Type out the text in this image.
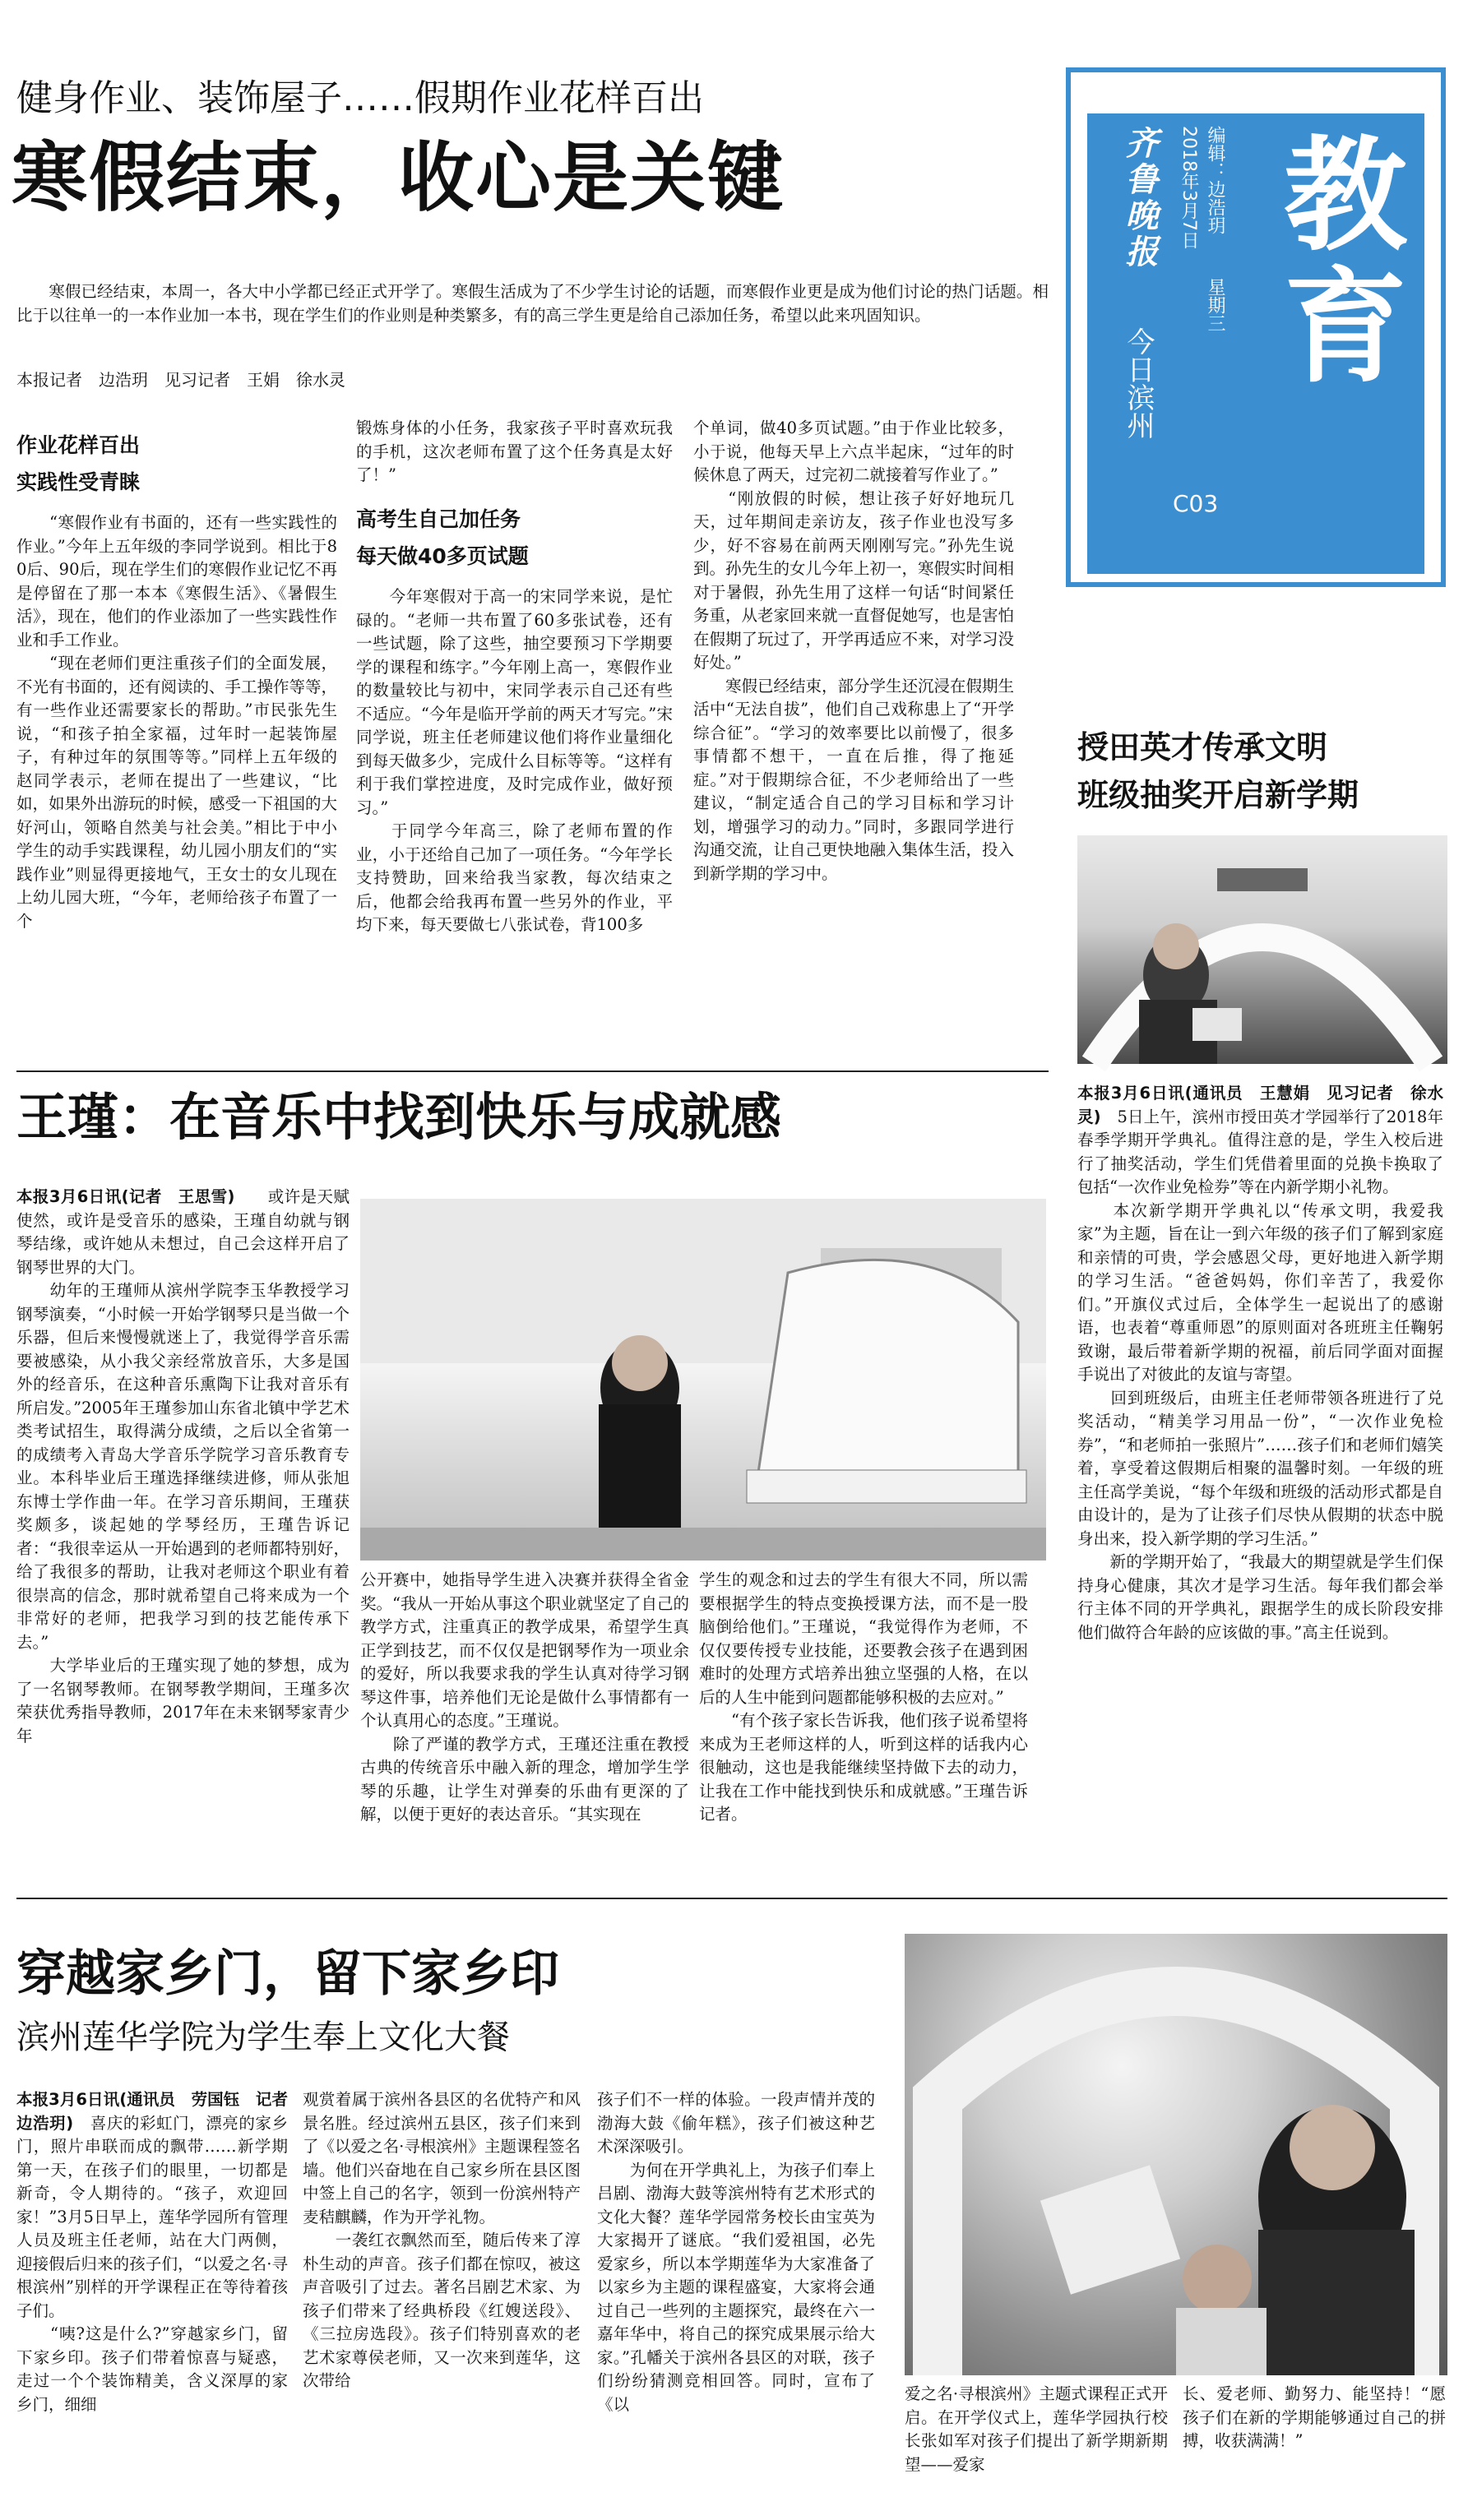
健身作业、装饰屋子……假期作业花样百出
寒假结束，收心是关键
　　寒假已经结束，本周一，各大中小学都已经正式开学了。寒假生活成为了不少学生讨论的话题，而寒假作业更是成为他们讨论的热门话题。相比于以往单一的一本作业加一本书，现在学生们的作业则是种类繁多，有的高三学生更是给自己添加任务，希望以此来巩固知识。
本报记者　边浩玥　见习记者　王娟　徐水灵
作业花样百出
实践性受青睐
　　“寒假作业有书面的，还有一些实践性的作业。”今年上五年级的李同学说到。相比于80后、90后，现在学生们的寒假作业记忆不再是停留在了那一本本《寒假生活》、《暑假生活》，现在，他们的作业添加了一些实践性作业和手工作业。
　　“现在老师们更注重孩子们的全面发展，不光有书面的，还有阅读的、手工操作等等，有一些作业还需要家长的帮助。”市民张先生说，“和孩子拍全家福，过年时一起装饰屋子，有种过年的氛围等等。”同样上五年级的赵同学表示，老师在提出了一些建议，“比如，如果外出游玩的时候，感受一下祖国的大好河山，领略自然美与社会美。”相比于中小学生的动手实践课程，幼儿园小朋友们的“实践作业”则显得更接地气，王女士的女儿现在上幼儿园大班，“今年，老师给孩子布置了一个
锻炼身体的小任务，我家孩子平时喜欢玩我的手机，这次老师布置了这个任务真是太好了！”
高考生自己加任务
每天做40多页试题
　　今年寒假对于高一的宋同学来说，是忙碌的。“老师一共布置了60多张试卷，还有一些试题，除了这些，抽空要预习下学期要学的课程和练字。”今年刚上高一，寒假作业的数量较比与初中，宋同学表示自己还有些不适应。“今年是临开学前的两天才写完。”宋同学说，班主任老师建议他们将作业量细化到每天做多少，完成什么目标等等。“这样有利于我们掌控进度，及时完成作业，做好预习。”
　　于同学今年高三，除了老师布置的作业，小于还给自己加了一项任务。“今年学长支持赞助，回来给我当家教，每次结束之后，他都会给我再布置一些另外的作业，平均下来，每天要做七八张试卷，背100多
个单词，做40多页试题。”由于作业比较多，小于说，他每天早上六点半起床，“过年的时候休息了两天，过完初二就接着写作业了。”
　　“刚放假的时候，想让孩子好好地玩几天，过年期间走亲访友，孩子作业也没写多少，好不容易在前两天刚刚写完。”孙先生说到。孙先生的女儿今年上初一，寒假实时间相对于暑假，孙先生用了这样一句话“时间紧任务重，从老家回来就一直督促她写，也是害怕在假期了玩过了，开学再适应不来，对学习没好处。”
　　寒假已经结束，部分学生还沉浸在假期生活中“无法自拔”，他们自己戏称患上了“开学综合征”。“学习的效率要比以前慢了，很多事情都不想干，一直在后推，得了拖延症。”对于假期综合征，不少老师给出了一些建议，“制定适合自己的学习目标和学习计划，增强学习的动力。”同时，多跟同学进行沟通交流，让自己更快地融入集体生活，投入到新学期的学习中。
教育
编辑：边浩玥
2018年3月7日
星期三
齐鲁晚报
今日滨州
C03
授田英才传承文明
班级抽奖开启新学期
本报3月6日讯(通讯员　王慧娟　见习记者　徐水灵)　 5日上午，滨州市授田英才学园举行了2018年春季学期开学典礼。值得注意的是，学生入校后进行了抽奖活动，学生们凭借着里面的兑换卡换取了包括“一次作业免检券”等在内新学期小礼物。
　　本次新学期开学典礼以“传承文明，我爱我家”为主题，旨在让一到六年级的孩子们了解到家庭和亲情的可贵，学会感恩父母，更好地进入新学期的学习生活。“爸爸妈妈，你们辛苦了，我爱你们。”开旗仪式过后，全体学生一起说出了的感谢语，也表着“尊重师恩”的原则面对各班班主任鞠躬致谢，最后带着新学期的祝福，前后同学面对面握手说出了对彼此的友谊与寄望。
　　回到班级后，由班主任老师带领各班进行了兑奖活动，“精美学习用品一份”，“一次作业免检券”，“和老师拍一张照片”……孩子们和老师们嬉笑着，享受着这假期后相聚的温馨时刻。一年级的班主任高学美说，“每个年级和班级的活动形式都是自由设计的，是为了让孩子们尽快从假期的状态中脱身出来，投入新学期的学习生活。”
　　新的学期开始了，“我最大的期望就是学生们保持身心健康，其次才是学习生活。每年我们都会举行主体不同的开学典礼，跟据学生的成长阶段安排他们做符合年龄的应该做的事。”高主任说到。
王瑾：在音乐中找到快乐与成就感
本报3月6日讯(记者　王思雪)　　或许是天赋使然，或许是受音乐的感染，王瑾自幼就与钢琴结缘，或许她从未想过，自己会这样开启了钢琴世界的大门。
　　幼年的王瑾师从滨州学院李玉华教授学习钢琴演奏，“小时候一开始学钢琴只是当做一个乐器，但后来慢慢就迷上了，我觉得学音乐需要被感染，从小我父亲经常放音乐，大多是国外的经音乐，在这种音乐熏陶下让我对音乐有所启发。”2005年王瑾参加山东省北镇中学艺术类考试招生，取得满分成绩，之后以全省第一的成绩考入青岛大学音乐学院学习音乐教育专业。本科毕业后王瑾选择继续进修，师从张旭东博士学作曲一年。在学习音乐期间，王瑾获奖颇多，谈起她的学琴经历，王瑾告诉记者：“我很幸运从一开始遇到的老师都特别好，给了我很多的帮助，让我对老师这个职业有着很崇高的信念，那时就希望自己将来成为一个非常好的老师，把我学习到的技艺能传承下去。”
　　大学毕业后的王瑾实现了她的梦想，成为了一名钢琴教师。在钢琴教学期间，王瑾多次荣获优秀指导教师，2017年在未来钢琴家青少年
公开赛中，她指导学生进入决赛并获得全省金奖。“我从一开始从事这个职业就坚定了自己的教学方式，注重真正的教学成果，希望学生真正学到技艺，而不仅仅是把钢琴作为一项业余的爱好，所以我要求我的学生认真对待学习钢琴这件事，培养他们无论是做什么事情都有一个认真用心的态度。”王瑾说。
　　除了严谨的教学方式，王瑾还注重在教授古典的传统音乐中融入新的理念，增加学生学琴的乐趣，让学生对弹奏的乐曲有更深的了解，以便于更好的表达音乐。“其实现在
学生的观念和过去的学生有很大不同，所以需要根据学生的特点变换授课方法，而不是一股脑倒给他们。”王瑾说，“我觉得作为老师，不仅仅要传授专业技能，还要教会孩子在遇到困难时的处理方式培养出独立坚强的人格，在以后的人生中能到问题都能够积极的去应对。”
　　“有个孩子家长告诉我，他们孩子说希望将来成为王老师这样的人，听到这样的话我内心很触动，这也是我能继续坚持做下去的动力，让我在工作中能找到快乐和成就感。”王瑾告诉记者。
穿越家乡门，留下家乡印
滨州莲华学院为学生奉上文化大餐
本报3月6日讯(通讯员　劳国钰　记者　边浩玥)　 喜庆的彩虹门，漂亮的家乡门，照片串联而成的飘带……新学期第一天，在孩子们的眼里，一切都是新奇，令人期待的。“孩子，欢迎回家！”3月5日早上，莲华学园所有管理人员及班主任老师，站在大门两侧，迎接假后归来的孩子们，“以爱之名·寻根滨州”别样的开学课程正在等待着孩子们。
　　“咦?这是什么?”穿越家乡门，留下家乡印。孩子们带着惊喜与疑惑，走过一个个装饰精美，含义深厚的家乡门，细细
观赏着属于滨州各县区的名优特产和风景名胜。经过滨州五县区，孩子们来到了《以爱之名·寻根滨州》主题课程签名墙。他们兴奋地在自己家乡所在县区图中签上自己的名字，领到一份滨州特产麦秸麒麟，作为开学礼物。
　　一袭红衣飘然而至，随后传来了淳朴生动的声音。孩子们都在惊叹，被这声音吸引了过去。著名吕剧艺术家、为孩子们带来了经典桥段《红嫂送段》、《三拉房选段》。孩子们特别喜欢的老艺术家尊侯老师，又一次来到莲华，这次带给
孩子们不一样的体验。一段声情并茂的渤海大鼓《偷年糕》，孩子们被这种艺术深深吸引。
　　为何在开学典礼上，为孩子们奉上吕剧、渤海大鼓等滨州特有艺术形式的文化大餐？莲华学园常务校长由宝英为大家揭开了谜底。“我们爱祖国，必先爱家乡，所以本学期莲华为大家准备了以家乡为主题的课程盛宴，大家将会通过自己一些列的主题探究，最终在六一嘉年华中，将自己的探究成果展示给大家。”孔幡关于滨州各县区的对联，孩子们纷纷猜测竞相回答。同时，宣布了《以
爱之名·寻根滨州》主题式课程正式开启。在开学仪式上，莲华学园执行校长张如军对孩子们提出了新学期新期望——爱家
长、爱老师、勤努力、能坚持！“愿孩子们在新的学期能够通过自己的拼搏，收获满满！”
